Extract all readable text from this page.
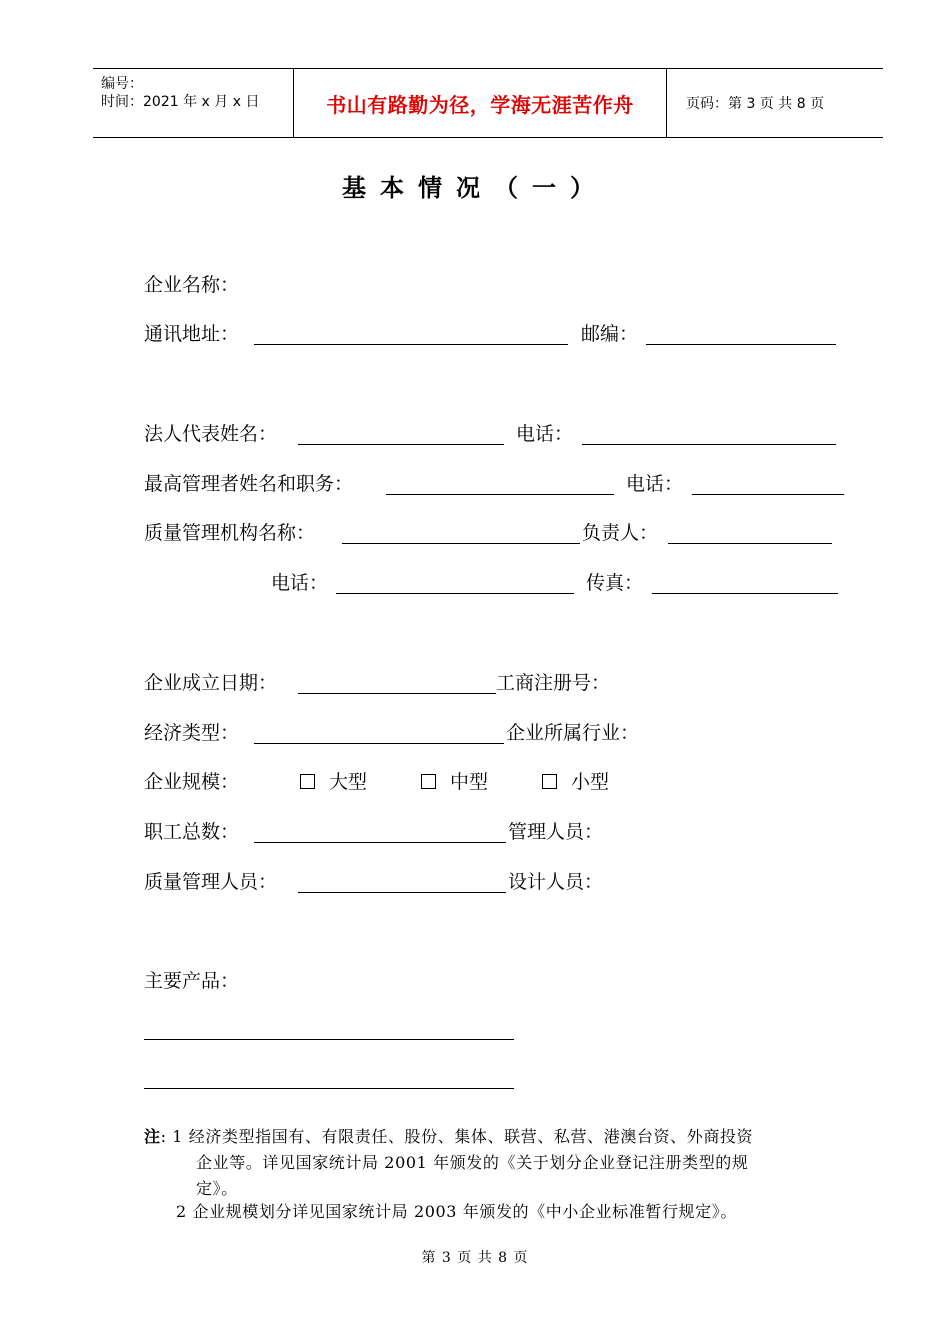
编号：
时间：2021 年 x 月 x 日	书山有路勤为径，学海无涯苦作舟	页码：第 3 页 共 8 页
基本情况（一）
企业名称：
通讯地址：	邮编：
法人代表姓名：	电话：
最高管理者姓名和职务：	电话：
质量管理机构名称：	负责人：
电话：	传真：
企业成立日期：	工商注册号：
经济类型：	企业所属行业：
企业规模：	大型	中型	小型
职工总数：	管理人员：
质量管理人员：	设计人员：
主要产品：
注: 1 经济类型指国有、有限责任、股份、集体、联营、私营、港澳台资、外商投资
企业等。详见国家统计局 2001 年颁发的《关于划分企业登记注册类型的规
定》。
2 企业规模划分详见国家统计局 2003 年颁发的《中小企业标准暂行规定》。
第 3 页 共 8 页
